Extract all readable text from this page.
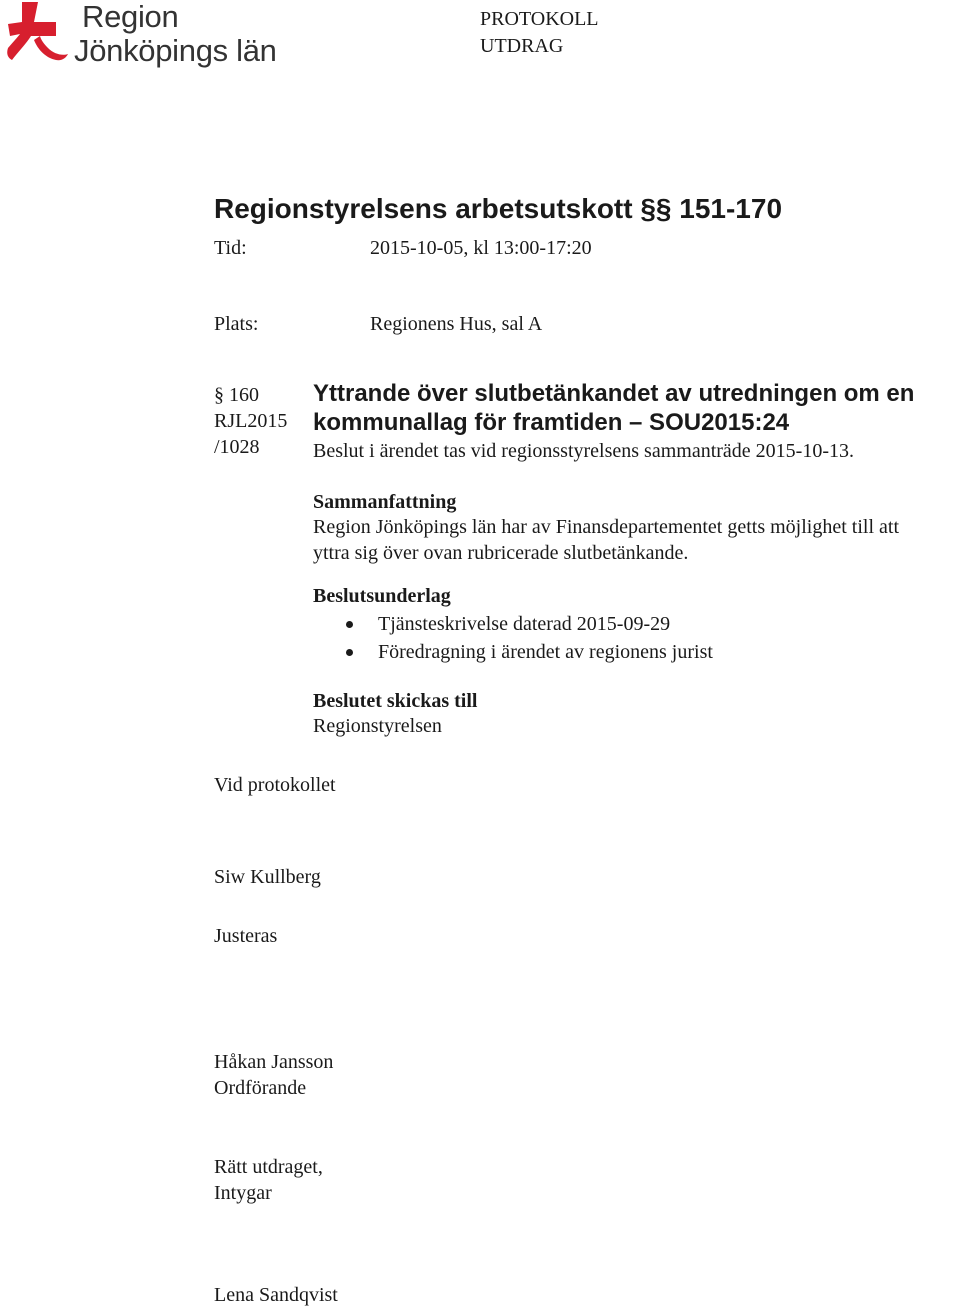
Region
Jönköpings län
PROTOKOLL
UTDRAG
Regionstyrelsens arbetsutskott §§ 151-170
Tid:	2015-10-05, kl 13:00-17:20
Plats:	Regionens Hus, sal A
§ 160
RJL2015
/1028
Yttrande över slutbetänkandet av utredningen om en
kommunallag för framtiden – SOU2015:24
Beslut i ärendet tas vid regionsstyrelsens sammanträde 2015-10-13.
Sammanfattning
Region Jönköpings län har av Finansdepartementet getts möjlighet till att
yttra sig över ovan rubricerade slutbetänkande.
Beslutsunderlag
Tjänsteskrivelse daterad 2015-09-29
Föredragning i ärendet av regionens jurist
Beslutet skickas till
Regionstyrelsen
Vid protokollet
Siw Kullberg
Justeras
Håkan Jansson
Ordförande
Rätt utdraget,
Intygar
Lena Sandqvist
